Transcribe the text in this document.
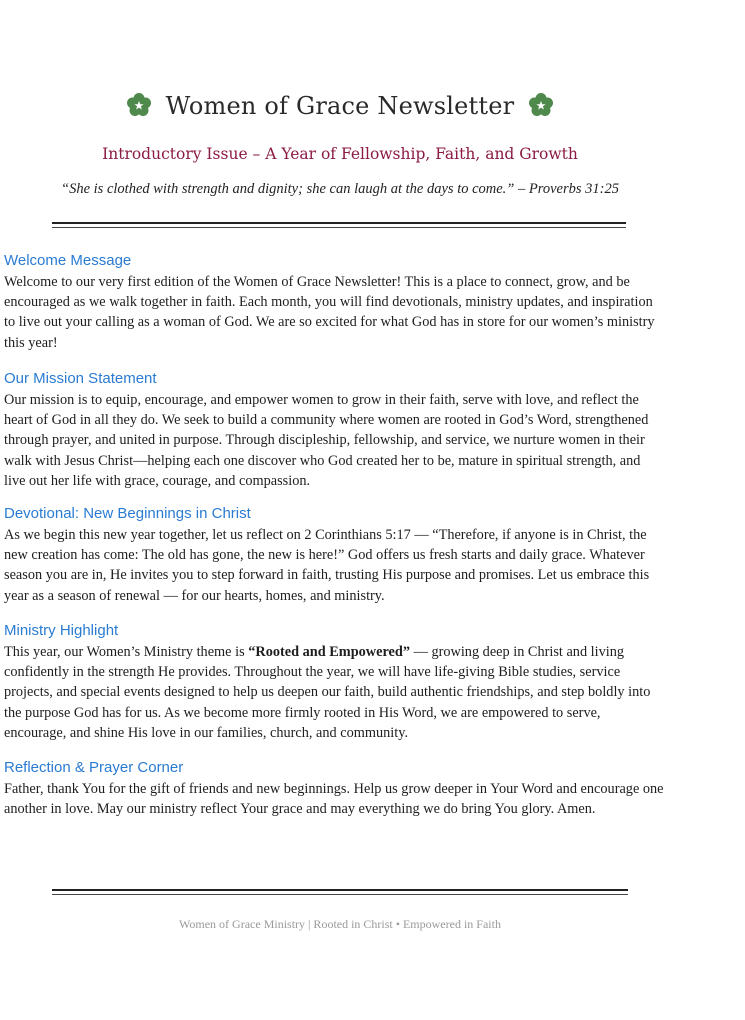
Women of Grace Newsletter
Introductory Issue – A Year of Fellowship, Faith, and Growth
“She is clothed with strength and dignity; she can laugh at the days to come.” – Proverbs 31:25
Welcome Message

Welcome to our very first edition of the Women of Grace Newsletter! This is a place to connect, grow, and be encouraged as we walk together in faith. Each month, you will find devotionals, ministry updates, and inspiration to live out your calling as a woman of God. We are so excited for what God has in store for our women’s ministry this year!

Our Mission Statement

Our mission is to equip, encourage, and empower women to grow in their faith, serve with love, and reflect the heart of God in all they do. We seek to build a community where women are rooted in God’s Word, strengthened through prayer, and united in purpose. Through discipleship, fellowship, and service, we nurture women in their walk with Jesus Christ—helping each one discover who God created her to be, mature in spiritual strength, and live out her life with grace, courage, and compassion.

Devotional: New Beginnings in Christ

As we begin this new year together, let us reflect on 2 Corinthians 5:17 — “Therefore, if anyone is in Christ, the new creation has come: The old has gone, the new is here!” God offers us fresh starts and daily grace. Whatever season you are in, He invites you to step forward in faith, trusting His purpose and promises. Let us embrace this year as a season of renewal — for our hearts, homes, and ministry.

Ministry Highlight

This year, our Women’s Ministry theme is “Rooted and Empowered” — growing deep in Christ and living confidently in the strength He provides. Throughout the year, we will have life-giving Bible studies, service projects, and special events designed to help us deepen our faith, build authentic friendships, and step boldly into the purpose God has for us. As we become more firmly rooted in His Word, we are empowered to serve, encourage, and shine His love in our families, church, and community.

Reflection & Prayer Corner

Father, thank You for the gift of friends and new beginnings. Help us grow deeper in Your Word and encourage one another in love. May our ministry reflect Your grace and may everything we do bring You glory. Amen.

Women of Grace Ministry | Rooted in Christ • Empowered in Faith
